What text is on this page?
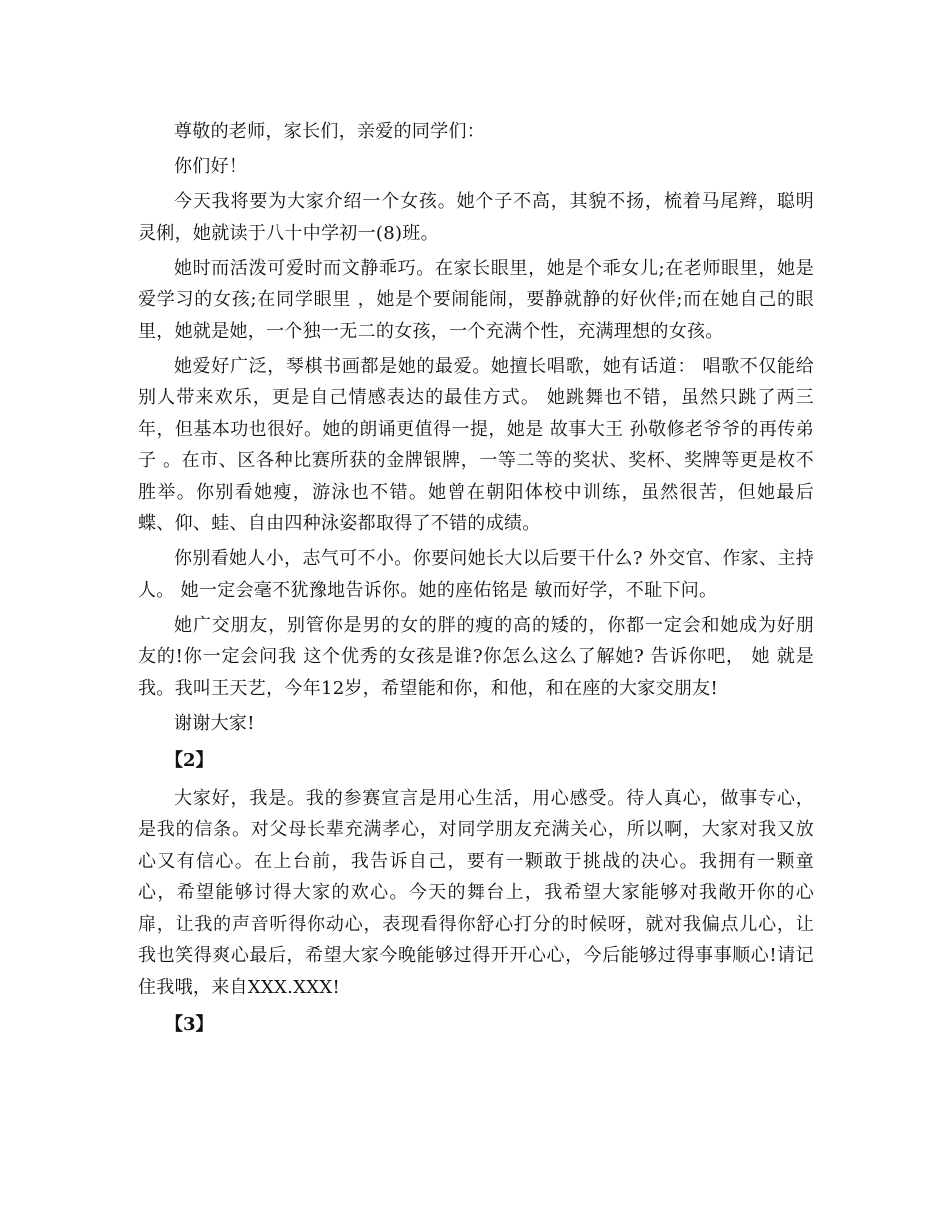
尊敬的老师，家长们，亲爱的同学们：

你们好！

今天我将要为大家介绍一个女孩。她个子不高，其貌不扬，梳着马尾辫，聪明灵俐，她就读于八十中学初一(8)班。

她时而活泼可爱时而文静乖巧。在家长眼里，她是个乖女儿;在老师眼里，她是爱学习的女孩;在同学眼里 ，她是个要闹能闹，要静就静的好伙伴;而在她自己的眼里，她就是她，一个独一无二的女孩，一个充满个性，充满理想的女孩。

她爱好广泛，琴棋书画都是她的最爱。她擅长唱歌，她有话道： 唱歌不仅能给别人带来欢乐，更是自己情感表达的最佳方式。 她跳舞也不错，虽然只跳了两三年，但基本功也很好。她的朗诵更值得一提，她是 故事大王 孙敬修老爷爷的再传弟子 。在市、区各种比赛所获的金牌银牌，一等二等的奖状、奖杯、奖牌等更是枚不胜举。你别看她瘦，游泳也不错。她曾在朝阳体校中训练，虽然很苦，但她最后蝶、仰、蛙、自由四种泳姿都取得了不错的成绩。

你别看她人小，志气可不小。你要问她长大以后要干什么? 外交官、作家、主持人。 她一定会毫不犹豫地告诉你。她的座佑铭是 敏而好学，不耻下问。

她广交朋友，别管你是男的女的胖的瘦的高的矮的，你都一定会和她成为好朋友的!你一定会问我 这个优秀的女孩是谁?你怎么这么了解她? 告诉你吧， 她 就是我。我叫王天艺，今年12岁，希望能和你，和他，和在座的大家交朋友!

谢谢大家!

【2】

大家好，我是。我的参赛宣言是用心生活，用心感受。待人真心，做事专心，是我的信条。对父母长辈充满孝心，对同学朋友充满关心，所以啊，大家对我又放心又有信心。在上台前，我告诉自己，要有一颗敢于挑战的决心。我拥有一颗童心，希望能够讨得大家的欢心。今天的舞台上，我希望大家能够对我敞开你的心扉，让我的声音听得你动心，表现看得你舒心打分的时候呀，就对我偏点儿心，让我也笑得爽心最后，希望大家今晚能够过得开开心心，今后能够过得事事顺心!请记住我哦，来自XXX.XXX!

【3】
